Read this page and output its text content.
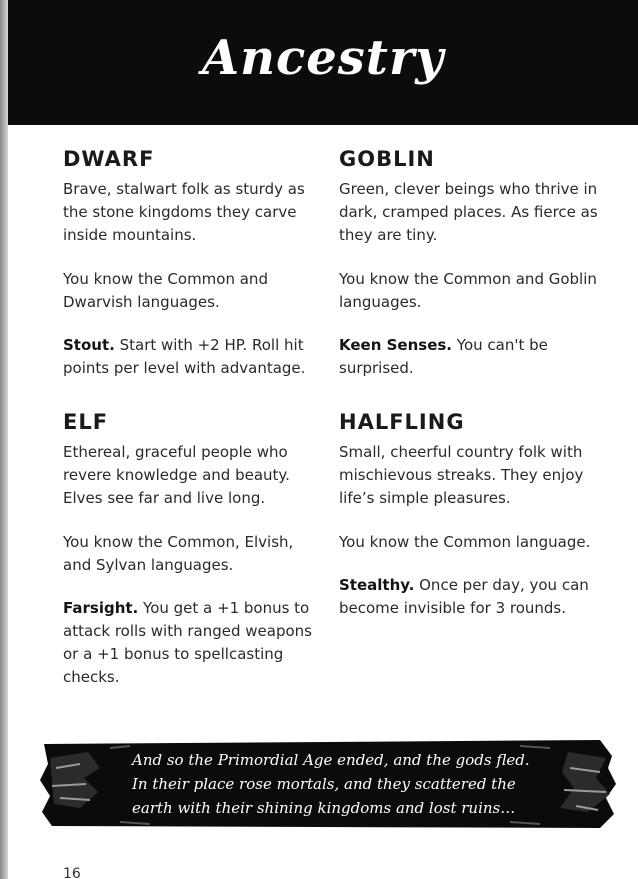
Ancestry
DWARF
Brave, stalwart folk as sturdy as the stone kingdoms they carve inside mountains.
You know the Common and Dwarvish languages.
Stout. Start with +2 HP. Roll hit points per level with advantage.
GOBLIN
Green, clever beings who thrive in dark, cramped places. As fierce as they are tiny.
You know the Common and Goblin languages.
Keen Senses. You can't be surprised.
ELF
Ethereal, graceful people who revere knowledge and beauty. Elves see far and live long.
You know the Common, Elvish, and Sylvan languages.
Farsight. You get a +1 bonus to attack rolls with ranged weapons or a +1 bonus to spellcasting checks.
HALFLING
Small, cheerful country folk with mischievous streaks. They enjoy life’s simple pleasures.
You know the Common language.
Stealthy. Once per day, you can become invisible for 3 rounds.
And so the Primordial Age ended, and the gods fled.
In their place rose mortals, and they scattered the
earth with their shining kingdoms and lost ruins…
16
